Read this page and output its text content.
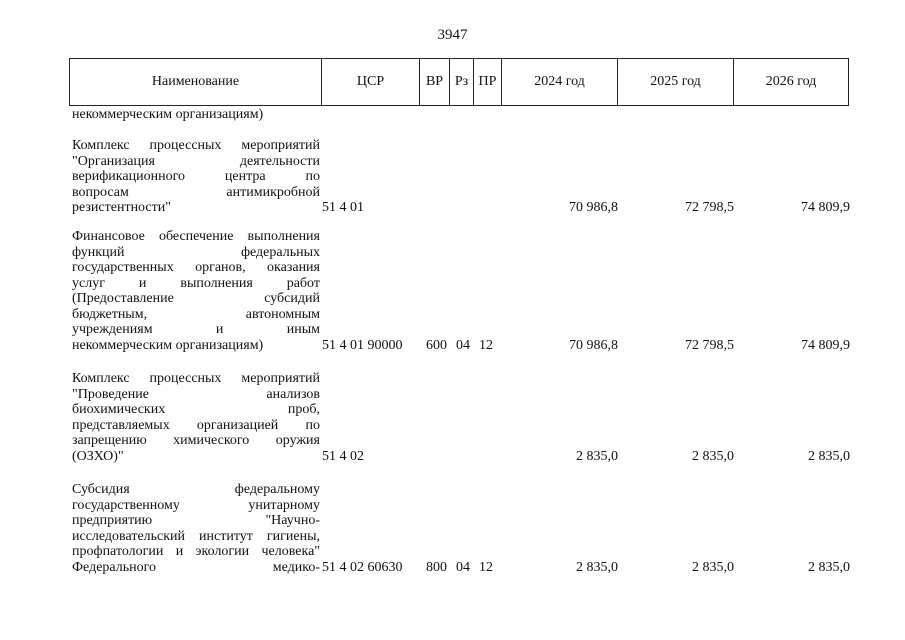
3947
Наименование	ЦСР	ВР Рз ПР	2024 год	2025 год	2026 год
некоммерческим организациям)
Комплекс процессных мероприятий
"Организация деятельности
верификационного центра по
вопросам антимикробной
резистентности"	51 4 01	70 986,8	72 798,5	74 809,9
Финансовое обеспечение выполнения
функций федеральных
государственных органов, оказания
услуг и выполнения работ
(Предоставление субсидий
бюджетным, автономным
учреждениям и иным
некоммерческим организациям)	51 4 01 90000 600 04 12	70 986,8	72 798,5	74 809,9
Комплекс процессных мероприятий
"Проведение анализов
биохимических проб,
представляемых организацией по
запрещению химического оружия
(ОЗХО)"	51 4 02	2 835,0	2 835,0	2 835,0
Субсидия федеральному
государственному унитарному
предприятию "Научно-
исследовательский институт гигиены,
профпатологии и экологии человека"
Федерального медико- 51 4 02 60630 800 04 12	2 835,0	2 835,0	2 835,0
